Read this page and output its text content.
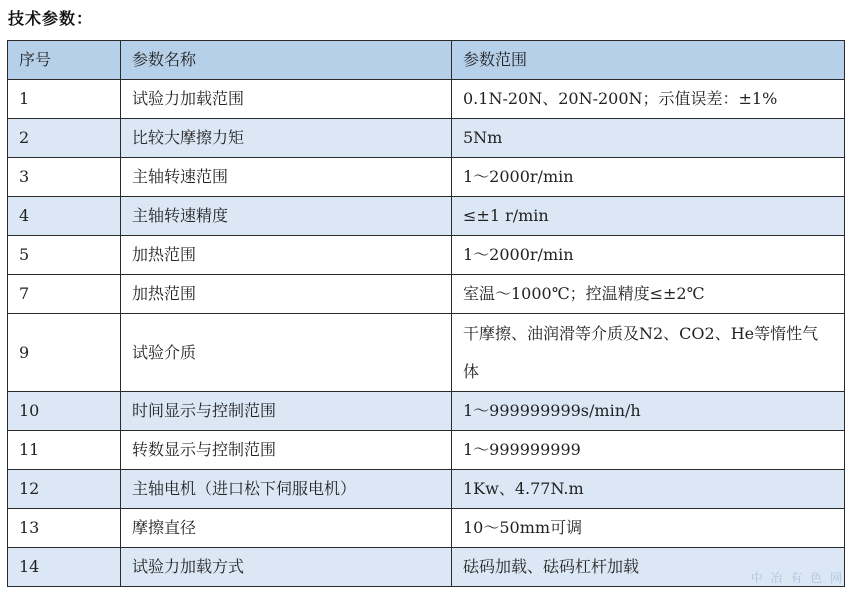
技术参数：
序号	参数名称	参数范围
1	试验力加载范围	0.1N-20N、20N-200N；示值误差：±1%
2	比较大摩擦力矩	5Nm
3	主轴转速范围	1～2000r/min
4	主轴转速精度	≤±1 r/min
5	加热范围	1～2000r/min
7	加热范围	室温～1000℃；控温精度≤±2℃
9	试验介质	干摩擦、油润滑等介质及N2、CO2、He等惰性气体
10	时间显示与控制范围	1～999999999s/min/h
11	转数显示与控制范围	1～999999999
12	主轴电机（进口松下伺服电机）	1Kw、4.77N.m
13	摩擦直径	10～50mm可调
14	试验力加载方式	砝码加载、砝码杠杆加载
中 冶 有 色 网
